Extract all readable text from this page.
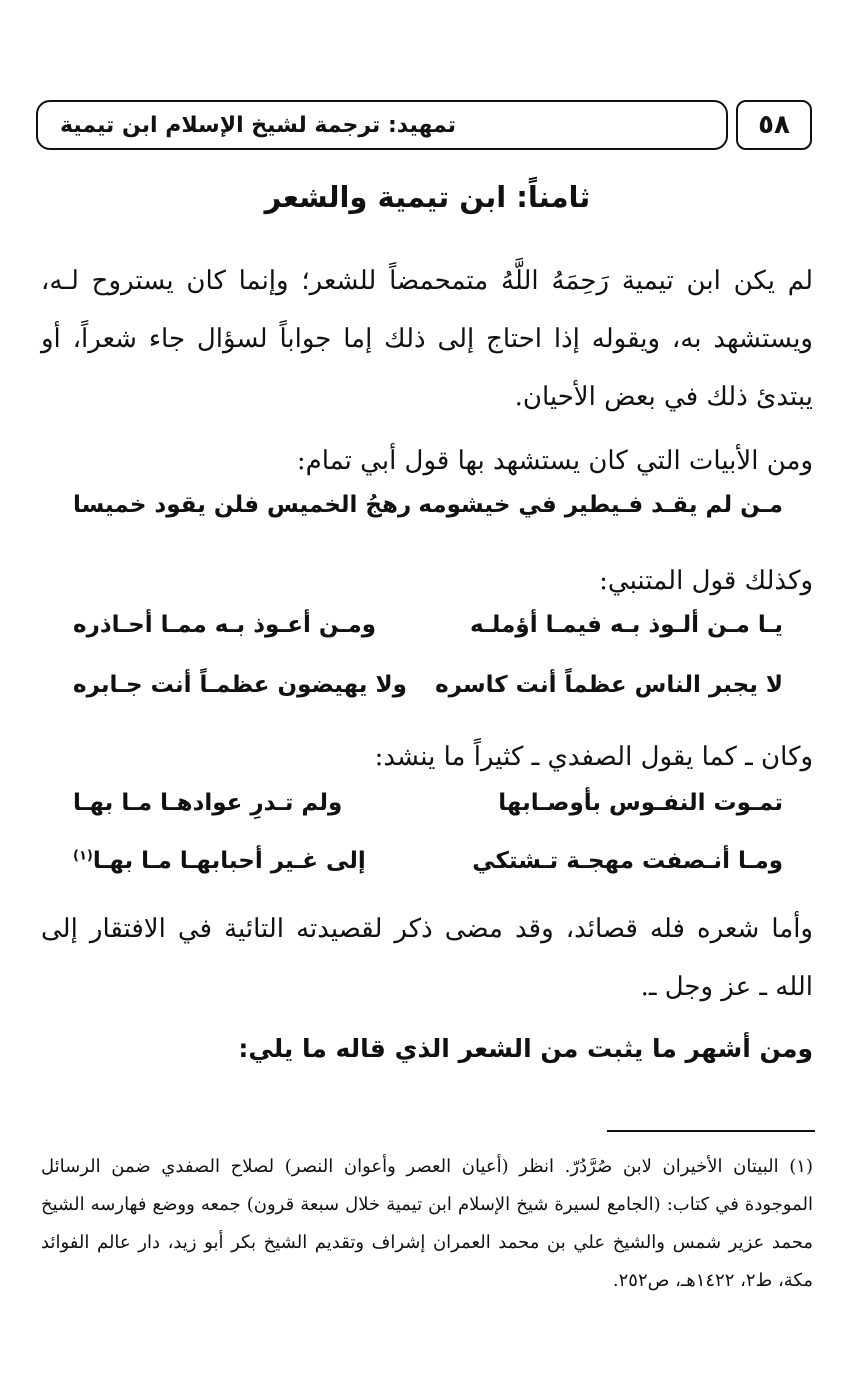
٥٨
تمهيد: ترجمة لشيخ الإسلام ابن تيمية
ثامناً: ابن تيمية والشعر
لم يكن ابن تيمية رَحِمَهُ اللَّهُ متمحمضاً للشعر؛ وإنما كان يستروح لـه، ويستشهد به، ويقوله إذا احتاج إلى ذلك إما جواباً لسؤال جاء شعراً، أو يبتدئ ذلك في بعض الأحيان.
ومن الأبيات التي كان يستشهد بها قول أبي تمام:
مـن لم يقـد فـيطير في خيشومه
رهجُ الخميس فلن يقود خميسا
وكذلك قول المتنبي:
يـا مـن ألـوذ بـه فيمـا أؤملـه
ومـن أعـوذ بـه ممـا أحـاذره
لا يجبر الناس عظماً أنت كاسره
ولا يهيضون عظمـاً أنت جـابره
وكان ـ كما يقول الصفدي ـ كثيراً ما ينشد:
تمـوت النفـوس بأوصـابها
ولم تـدرِ عوادهـا مـا بهـا
ومـا أنـصفت مهجـة تـشتكي
إلى غـير أحبابهـا مـا بهـا$^{(١)}$
وأما شعره فله قصائد، وقد مضى ذكر لقصيدته التائية في الافتقار إلى الله ـ عز وجل ـ.
ومن أشهر ما يثبت من الشعر الذي قاله ما يلي:
(١) البيتان الأخيران لابن صُرَّدُرّ. انظر (أعيان العصر وأعوان النصر) لصلاح الصفدي ضمن الرسائل الموجودة في كتاب: (الجامع لسيرة شيخ الإسلام ابن تيمية خلال سبعة قرون) جمعه ووضع فهارسه الشيخ محمد عزير شمس والشيخ علي بن محمد العمران إشراف وتقديم الشيخ بكر أبو زيد، دار عالم الفوائد مكة، ط٢، ١٤٢٢هـ، ص٢٥٢.
